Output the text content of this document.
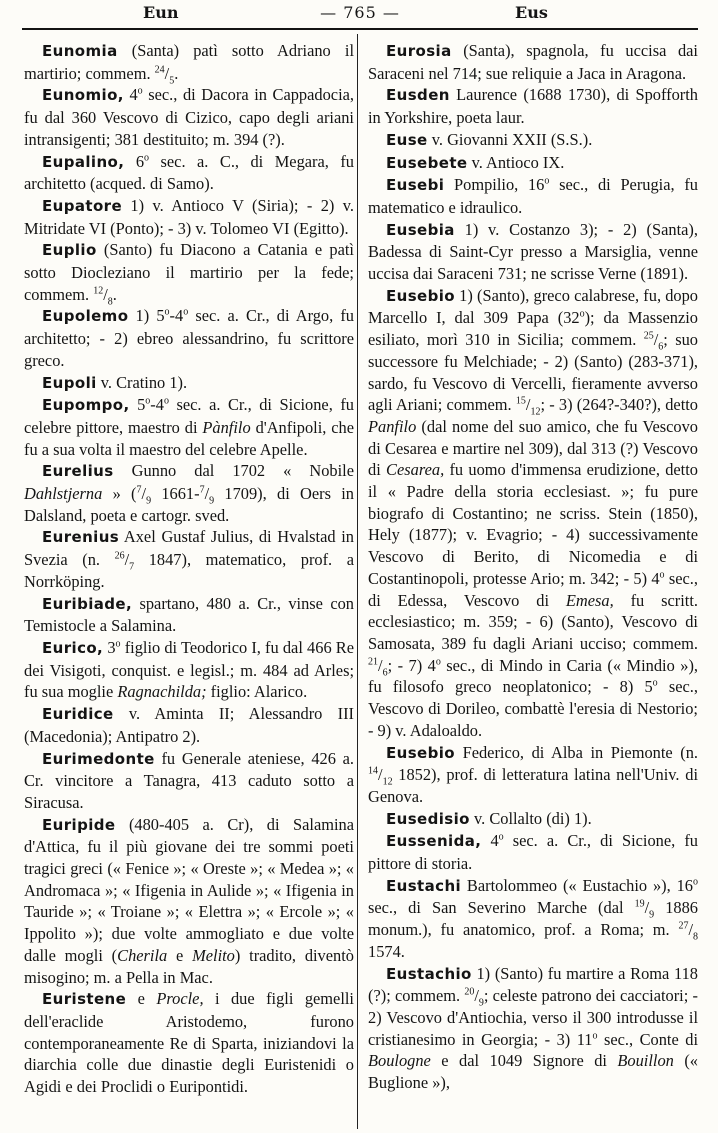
Eun	— 765 —	Eus

Eunomia (Santa) patì sotto Adriano il martirio; commem. $^{24}/_5$.

Eunomio, 4$^o$ sec., di Dacora in Cappadocia, fu dal 360 Vescovo di Cizico, capo degli ariani intransigenti; 381 destituito; m. 394 (?).

Eupalino, 6$^o$ sec. a. C., di Megara, fu architetto (acqued. di Samo).

Eupatore 1) v. Antioco V (Siria); - 2) v. Mitridate VI (Ponto); - 3) v. Tolomeo VI (Egitto).

Euplio (Santo) fu Diacono a Catania e patì sotto Diocleziano il martirio per la fede; commem. $^{12}/_8$.

Eupolemo 1) 5$^o$-4$^o$ sec. a. Cr., di Argo, fu architetto; - 2) ebreo alessandrino, fu scrittore greco.

Eupoli v. Cratino 1).

Eupompo, 5$^o$-4$^o$ sec. a. Cr., di Sicione, fu celebre pittore, maestro di Pànfilo d'Anfipoli, che fu a sua volta il maestro del celebre Apelle.

Eurelius Gunno dal 1702 « Nobile Dahlstjerna » ($^7/_9$ $1661-^7/_9$ 1709), di Oers in Dalsland, poeta e cartogr. sved.

Eurenius Axel Gustaf Julius, di Hvalstad in Svezia (n. $^{26}/_7$ 1847), matematico, prof. a Norrköping.

Euribiade, spartano, 480 a. Cr., vinse con Temistocle a Salamina.

Eurico, 3$^o$ figlio di Teodorico I, fu dal 466 Re dei Visigoti, conquist. e legisl.; m. 484 ad Arles; fu sua moglie Ragnachilda; figlio: Alarico.

Euridice v. Aminta II; Alessandro III (Macedonia); Antipatro 2).

Eurimedonte fu Generale ateniese, 426 a. Cr. vincitore a Tanagra, 413 caduto sotto a Siracusa.

Euripide (480-405 a. Cr), di Salamina d'Attica, fu il più giovane dei tre sommi poeti tragici greci (« Fenice »; « Oreste »; « Medea »; « Andromaca »; « Ifigenia in Aulide »; « Ifigenia in Tauride »; « Troiane »; « Elettra »; « Ercole »; « Ippolito »); due volte ammogliato e due volte dalle mogli (Cherila e Melito) tradito, diventò misogino; m. a Pella in Mac.

Euristene e Procle, i due figli gemelli dell'eraclide Aristodemo, furono contemporaneamente Re di Sparta, iniziandovi la diarchia colle due dinastie degli Euristenidi o Agidi e dei Proclidi o Euripontidi.

Eurosia (Santa), spagnola, fu uccisa dai Saraceni nel 714; sue reliquie a Jaca in Aragona.

Eusden Laurence (1688 1730), di Spofforth in Yorkshire, poeta laur.

Euse v. Giovanni XXII (S.S.).

Eusebete v. Antioco IX.

Eusebi Pompilio, 16$^o$ sec., di Perugia, fu matematico e idraulico.

Eusebia 1) v. Costanzo 3); - 2) (Santa), Badessa di Saint-Cyr presso a Marsiglia, venne uccisa dai Saraceni 731; ne scrisse Verne (1891).

Eusebio 1) (Santo), greco calabrese, fu, dopo Marcello I, dal 309 Papa (32$^o$); da Massenzio esiliato, morì 310 in Sicilia; commem. $^{25}/_6$; suo successore fu Melchiade; - 2) (Santo) (283-371), sardo, fu Vescovo di Vercelli, fieramente avverso agli Ariani; commem. $^{15}/_{12}$; - 3) (264?-340?), detto Panfilo (dal nome del suo amico, che fu Vescovo di Cesarea e martire nel 309), dal 313 (?) Vescovo di Cesarea, fu uomo d'immensa erudizione, detto il « Padre della storia ecclesiast. »; fu pure biografo di Costantino; ne scriss. Stein (1850), Hely (1877); v. Evagrio; - 4) successivamente Vescovo di Berito, di Nicomedia e di Costantinopoli, protesse Ario; m. 342; - 5) 4$^o$ sec., di Edessa, Vescovo di Emesa, fu scritt. ecclesiastico; m. 359; - 6) (Santo), Vescovo di Samosata, 389 fu dagli Ariani ucciso; commem. $^{21}/_6$; - 7) 4$^o$ sec., di Mindo in Caria (« Mindio »), fu filosofo greco neoplatonico; - 8) 5$^o$ sec., Vescovo di Dorileo, combattè l'eresia di Nestorio; - 9) v. Adaloaldo.

Eusebio Federico, di Alba in Piemonte (n. $^{14}/_{12}$ 1852), prof. di letteratura latina nell'Univ. di Genova.

Eusedisio v. Collalto (di) 1).

Eussenida, 4$^o$ sec. a. Cr., di Sicione, fu pittore di storia.

Eustachi Bartolommeo (« Eustachio »), 16$^o$ sec., di San Severino Marche (dal $^{19}/_9$ 1886 monum.), fu anatomico, prof. a Roma; m. $^{27}/_8$ 1574.

Eustachio 1) (Santo) fu martire a Roma 118 (?); commem. $^{20}/_9$; celeste patrono dei cacciatori; - 2) Vescovo d'Antiochia, verso il 300 introdusse il cristianesimo in Georgia; - 3) 11$^o$ sec., Conte di Boulogne e dal 1049 Signore di Bouillon (« Buglione »),
